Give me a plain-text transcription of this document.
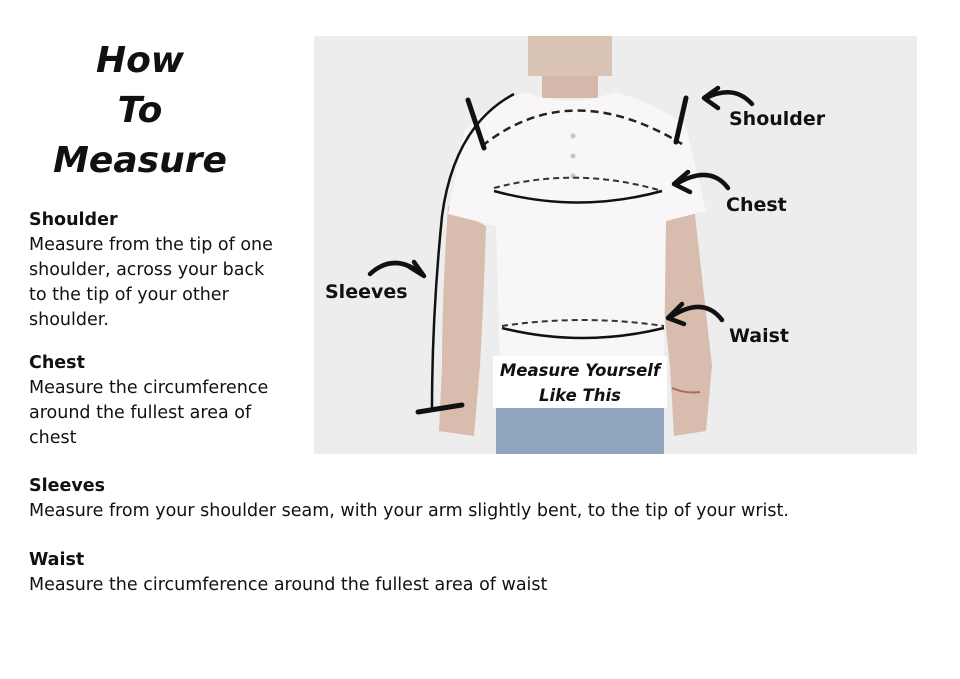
How
To
Measure
Shoulder
Measure from the tip of one
shoulder, across your back
to the tip of your other
shoulder.
Chest
Measure the circumference
around the fullest area of
chest
Sleeves
Measure from your shoulder seam, with your arm slightly bent, to the tip of your wrist.
Waist
Measure the circumference around the fullest area of waist
Shoulder
Chest
Sleeves
Waist
Measure Yourself
Like This
